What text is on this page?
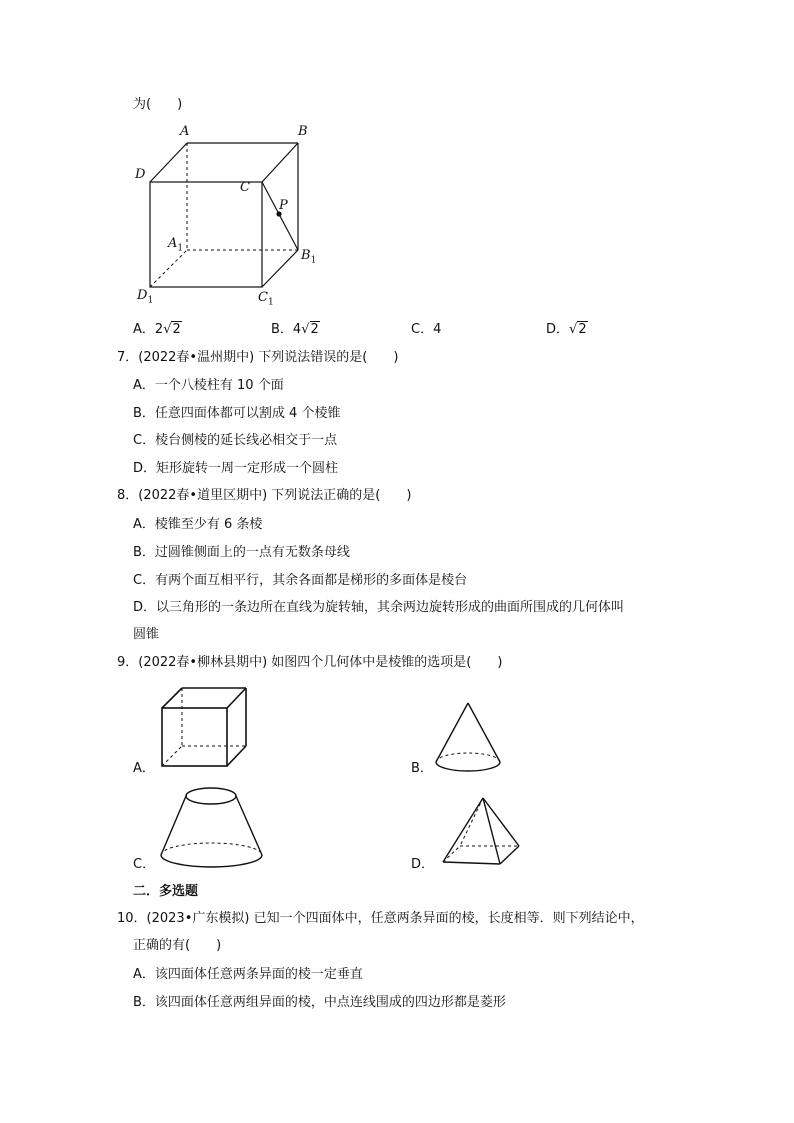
为(　　)
A	B
D
C
P
$A_1$	$B_1$
$D_1$	$C_1$
A．2√2	B．4√2	C．4	D．√2
7．(2022春•温州期中) 下列说法错误的是(　　)
A．一个八棱柱有 10 个面
B．任意四面体都可以割成 4 个棱锥
C．棱台侧棱的延长线必相交于一点
D．矩形旋转一周一定形成一个圆柱
8．(2022春•道里区期中) 下列说法正确的是(　　)
A．棱锥至少有 6 条棱
B．过圆锥侧面上的一点有无数条母线
C．有两个面互相平行，其余各面都是梯形的多面体是棱台
D．以三角形的一条边所在直线为旋转轴，其余两边旋转形成的曲面所围成的几何体叫
圆锥
9．(2022春•柳林县期中) 如图四个几何体中是棱锥的选项是(　　)
A．	B．
C．	D．
二．多选题
10．(2023•广东模拟) 已知一个四面体中，任意两条异面的棱，长度相等．则下列结论中，
正确的有(　　)
A．该四面体任意两条异面的棱一定垂直
B．该四面体任意两组异面的棱，中点连线围成的四边形都是菱形
